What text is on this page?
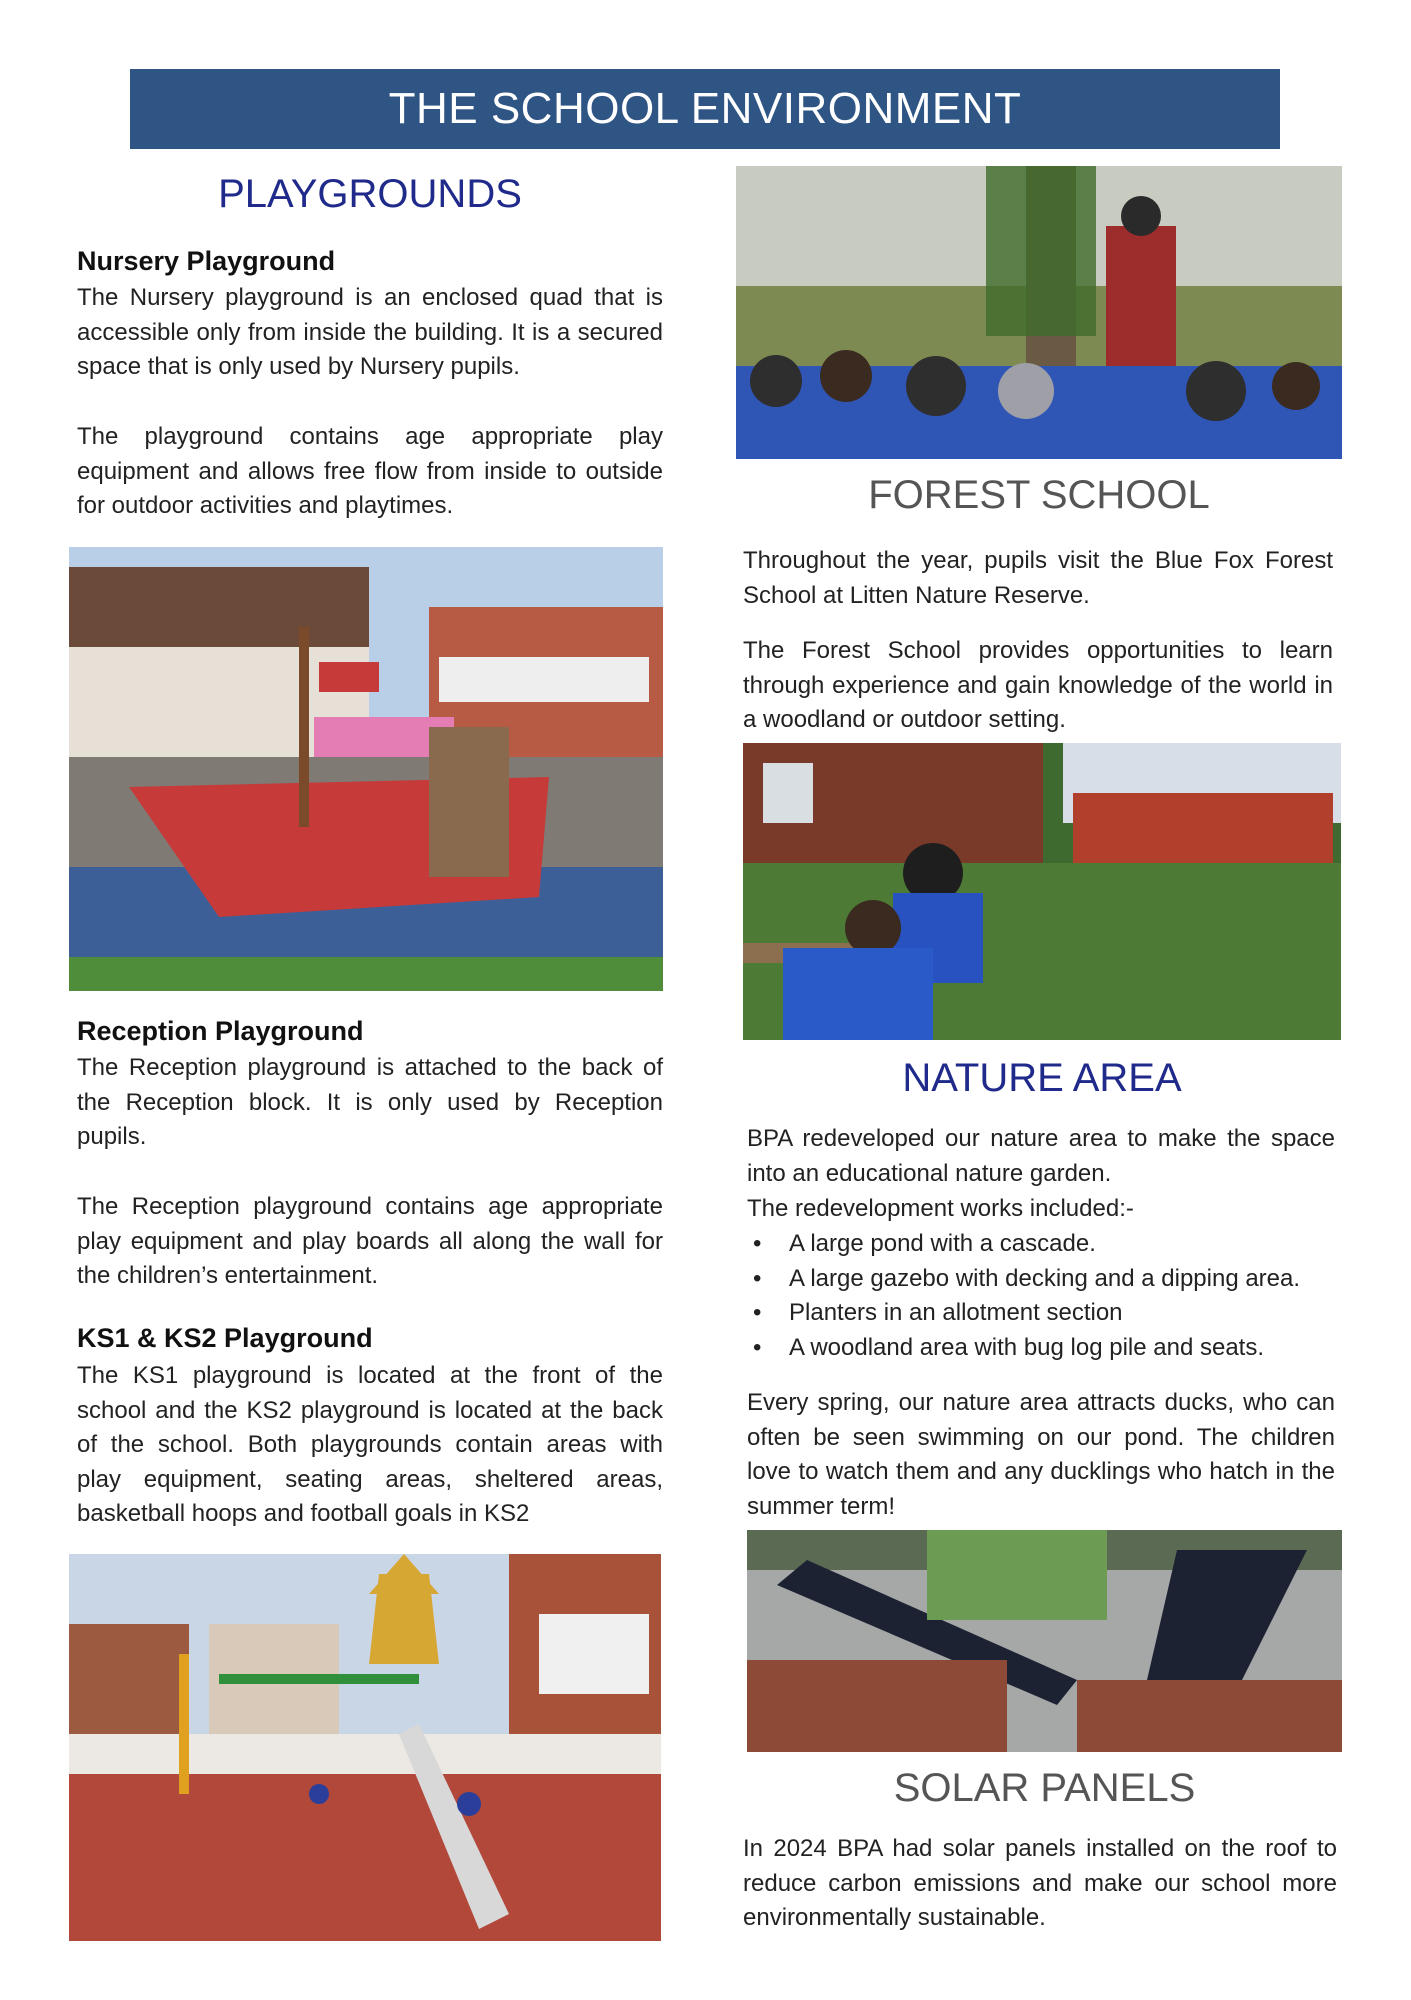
THE SCHOOL ENVIRONMENT
PLAYGROUNDS
Nursery Playground

The Nursery playground is an enclosed quad that is accessible only from inside the building. It is a secured space that is only used by Nursery pupils.

The playground contains age appropriate play equipment and allows free flow from inside to outside for outdoor activities and playtimes.

Reception Playground

The Reception playground is attached to the back of the Reception block. It is only used by Reception pupils.

The Reception playground contains age appropriate play equipment and play boards all along the wall for the children’s entertainment.

KS1 & KS2 Playground

The KS1 playground is located at the front of the school and the KS2 playground is located at the back of the school. Both playgrounds contain areas with play equipment, seating areas, sheltered areas, basketball hoops and football goals in KS2

FOREST SCHOOL

Throughout the year, pupils visit the Blue Fox Forest School at Litten Nature Reserve.

The Forest School provides opportunities to learn through experience and gain knowledge of the world in a woodland or outdoor setting.

NATURE AREA

BPA redeveloped our nature area to make the space into an educational nature garden.

The redevelopment works included:-

• A large pond with a cascade.
• A large gazebo with decking and a dipping area.
• Planters in an allotment section
• A woodland area with bug log pile and seats.

Every spring, our nature area attracts ducks, who can often be seen swimming on our pond. The children love to watch them and any ducklings who hatch in the summer term!

SOLAR PANELS

In 2024 BPA had solar panels installed on the roof to reduce carbon emissions and make our school more environmentally sustainable.
